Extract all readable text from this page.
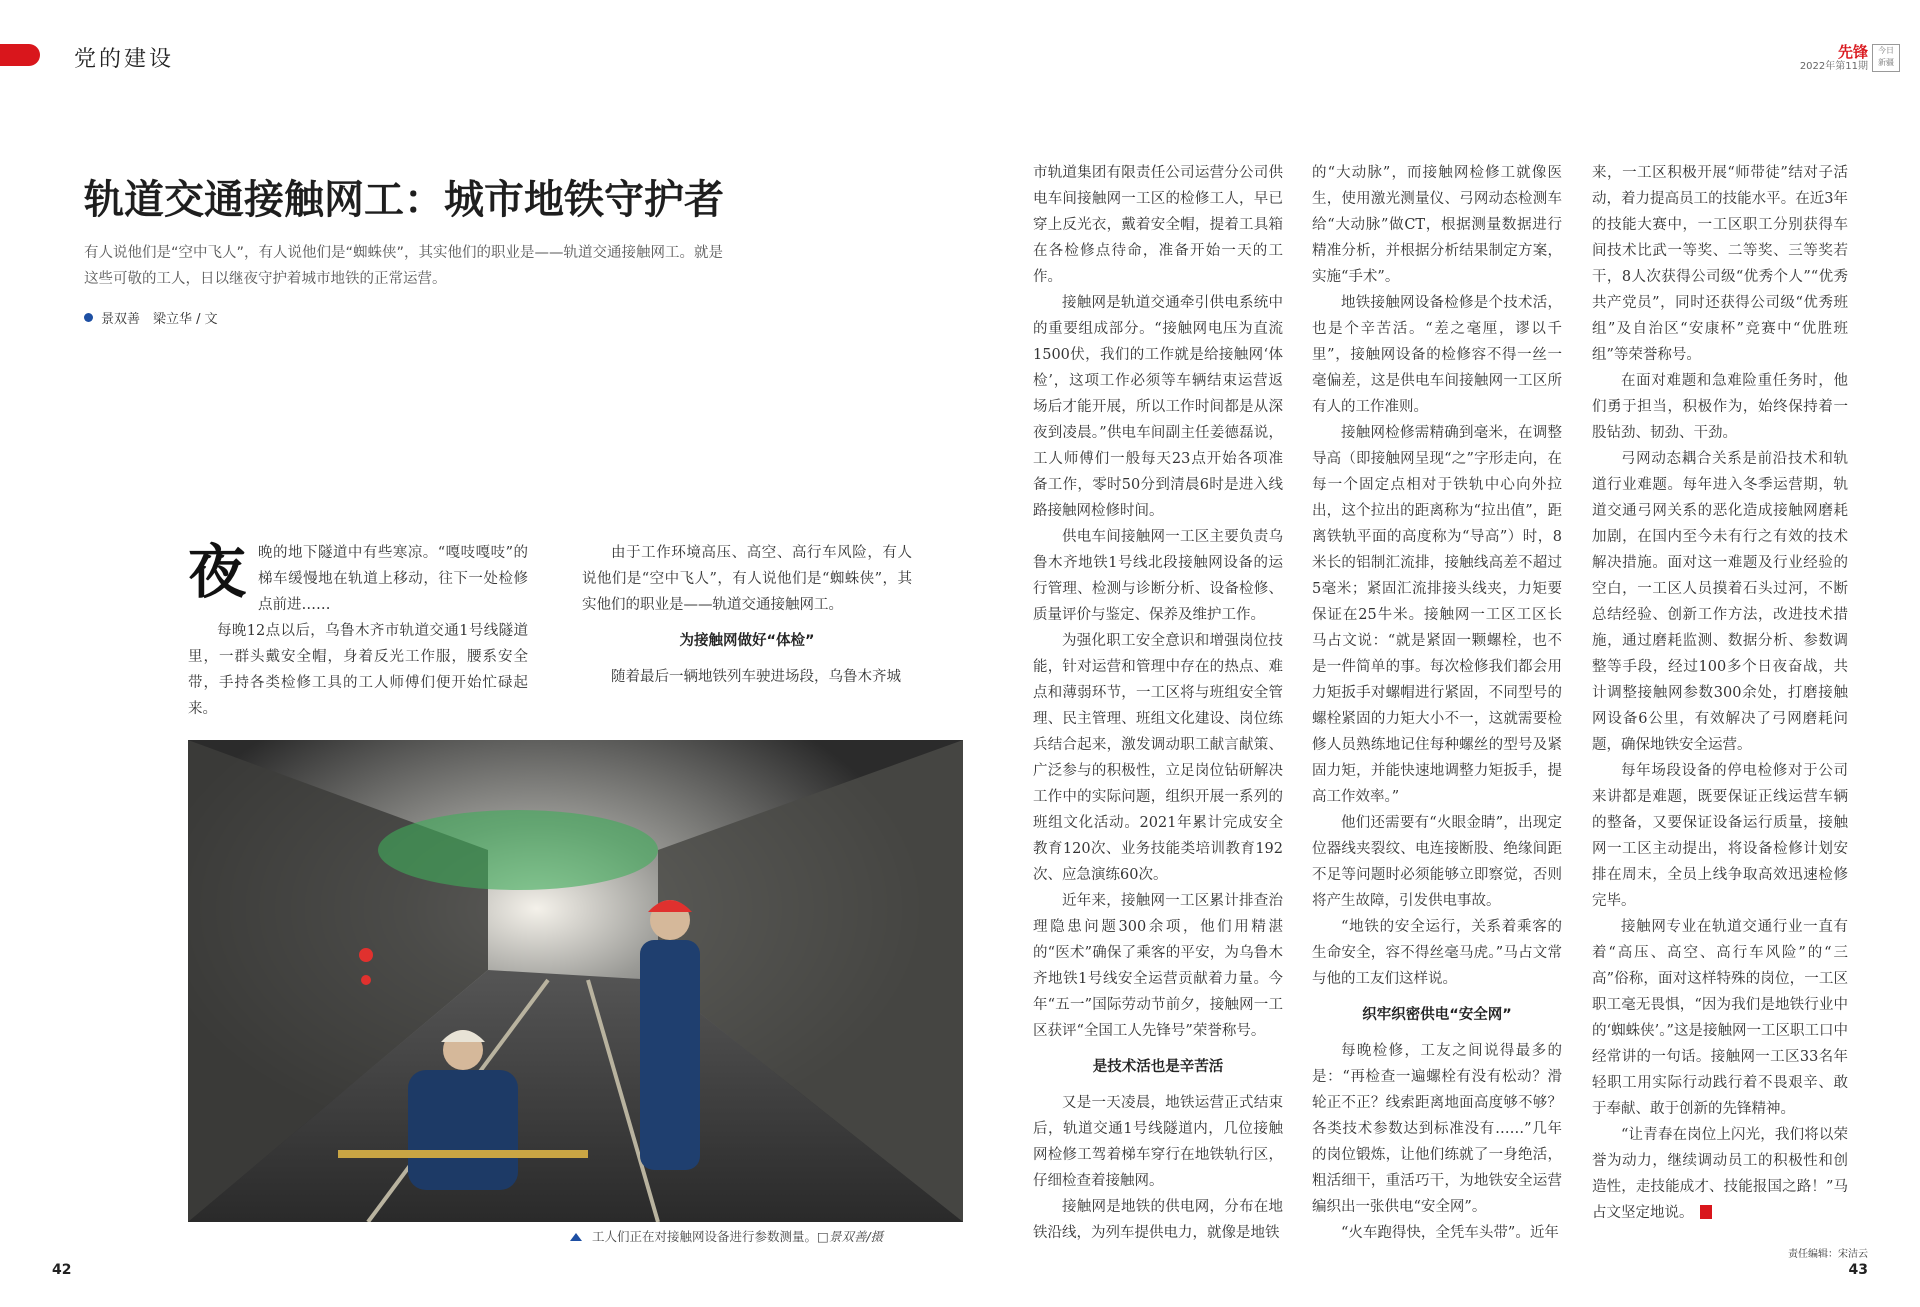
党的建设	先锋
2022年第11期
今日 新疆
轨道交通接触网工：城市地铁守护者
有人说他们是“空中飞人”，有人说他们是“蜘蛛侠”，其实他们的职业是——轨道交通接触网工。就是这些可敬的工人，日以继夜守护着城市地铁的正常运营。
景双善　梁立华 / 文

夜晚的地下隧道中有些寒凉。“嘎吱嘎吱”的梯车缓慢地在轨道上移动，往下一处检修点前进……

每晚12点以后，乌鲁木齐市轨道交通1号线隧道里，一群头戴安全帽，身着反光工作服，腰系安全带，手持各类检修工具的工人师傅们便开始忙碌起来。

由于工作环境高压、高空、高行车风险，有人说他们是“空中飞人”，有人说他们是“蜘蛛侠”，其实他们的职业是——轨道交通接触网工。

为接触网做好“体检”

随着最后一辆地铁列车驶进场段，乌鲁木齐城

工人们正在对接触网设备进行参数测量。□景双善/摄

市轨道集团有限责任公司运营分公司供电车间接触网一工区的检修工人，早已穿上反光衣，戴着安全帽，提着工具箱在各检修点待命，准备开始一天的工作。

接触网是轨道交通牵引供电系统中的重要组成部分。“接触网电压为直流1500伏，我们的工作就是给接触网‘体检’，这项工作必须等车辆结束运营返场后才能开展，所以工作时间都是从深夜到凌晨。”供电车间副主任姜德磊说，工人师傅们一般每天23点开始各项准备工作，零时50分到清晨6时是进入线路接触网检修时间。

供电车间接触网一工区主要负责乌鲁木齐地铁1号线北段接触网设备的运行管理、检测与诊断分析、设备检修、质量评价与鉴定、保养及维护工作。

为强化职工安全意识和增强岗位技能，针对运营和管理中存在的热点、难点和薄弱环节，一工区将与班组安全管理、民主管理、班组文化建设、岗位练兵结合起来，激发调动职工献言献策、广泛参与的积极性，立足岗位钻研解决工作中的实际问题，组织开展一系列的班组文化活动。2021年累计完成安全教育120次、业务技能类培训教育192次、应急演练60次。

近年来，接触网一工区累计排查治理隐患问题300余项，他们用精湛的“医术”确保了乘客的平安，为乌鲁木齐地铁1号线安全运营贡献着力量。今年“五一”国际劳动节前夕，接触网一工区获评“全国工人先锋号”荣誉称号。

是技术活也是辛苦活

又是一天凌晨，地铁运营正式结束后，轨道交通1号线隧道内，几位接触网检修工驾着梯车穿行在地铁轨行区，仔细检查着接触网。

接触网是地铁的供电网，分布在地铁沿线，为列车提供电力，就像是地铁

的“大动脉”，而接触网检修工就像医生，使用激光测量仪、弓网动态检测车给“大动脉”做CT，根据测量数据进行精准分析，并根据分析结果制定方案，实施“手术”。

地铁接触网设备检修是个技术活，也是个辛苦活。“差之毫厘，谬以千里”，接触网设备的检修容不得一丝一毫偏差，这是供电车间接触网一工区所有人的工作准则。

接触网检修需精确到毫米，在调整导高（即接触网呈现“之”字形走向，在每一个固定点相对于铁轨中心向外拉出，这个拉出的距离称为“拉出值”，距离铁轨平面的高度称为“导高”）时，8米长的铝制汇流排，接触线高差不超过5毫米；紧固汇流排接头线夹，力矩要保证在25牛米。接触网一工区工区长马占文说：“就是紧固一颗螺栓，也不是一件简单的事。每次检修我们都会用力矩扳手对螺帽进行紧固，不同型号的螺栓紧固的力矩大小不一，这就需要检修人员熟练地记住每种螺丝的型号及紧固力矩，并能快速地调整力矩扳手，提高工作效率。”

他们还需要有“火眼金睛”，出现定位器线夹裂纹、电连接断股、绝缘间距不足等问题时必须能够立即察觉，否则将产生故障，引发供电事故。

“地铁的安全运行，关系着乘客的生命安全，容不得丝毫马虎。”马占文常与他的工友们这样说。

织牢织密供电“安全网”

每晚检修，工友之间说得最多的是：“再检查一遍螺栓有没有松动？滑轮正不正？线索距离地面高度够不够？各类技术参数达到标准没有……”几年的岗位锻炼，让他们练就了一身绝活，粗活细干，重活巧干，为地铁安全运营编织出一张供电“安全网”。

“火车跑得快，全凭车头带”。近年

来，一工区积极开展“师带徒”结对子活动，着力提高员工的技能水平。在近3年的技能大赛中，一工区职工分别获得车间技术比武一等奖、二等奖、三等奖若干，8人次获得公司级“优秀个人”“优秀共产党员”，同时还获得公司级“优秀班组”及自治区“安康杯”竞赛中“优胜班组”等荣誉称号。

在面对难题和急难险重任务时，他们勇于担当，积极作为，始终保持着一股钻劲、韧劲、干劲。

弓网动态耦合关系是前沿技术和轨道行业难题。每年进入冬季运营期，轨道交通弓网关系的恶化造成接触网磨耗加剧，在国内至今未有行之有效的技术解决措施。面对这一难题及行业经验的空白，一工区人员摸着石头过河，不断总结经验、创新工作方法，改进技术措施，通过磨耗监测、数据分析、参数调整等手段，经过100多个日夜奋战，共计调整接触网参数300余处，打磨接触网设备6公里，有效解决了弓网磨耗问题，确保地铁安全运营。

每年场段设备的停电检修对于公司来讲都是难题，既要保证正线运营车辆的整备，又要保证设备运行质量，接触网一工区主动提出，将设备检修计划安排在周末，全员上线争取高效迅速检修完毕。

接触网专业在轨道交通行业一直有着“高压、高空、高行车风险”的“三高”俗称，面对这样特殊的岗位，一工区职工毫无畏惧，“因为我们是地铁行业中的‘蜘蛛侠’。”这是接触网一工区职工口中经常讲的一句话。接触网一工区33名年轻职工用实际行动践行着不畏艰辛、敢于奉献、敢于创新的先锋精神。

“让青春在岗位上闪光，我们将以荣誉为动力，继续调动员工的积极性和创造性，走技能成才、技能报国之路！”马占文坚定地说。

42	43
责任编辑：宋洁云
